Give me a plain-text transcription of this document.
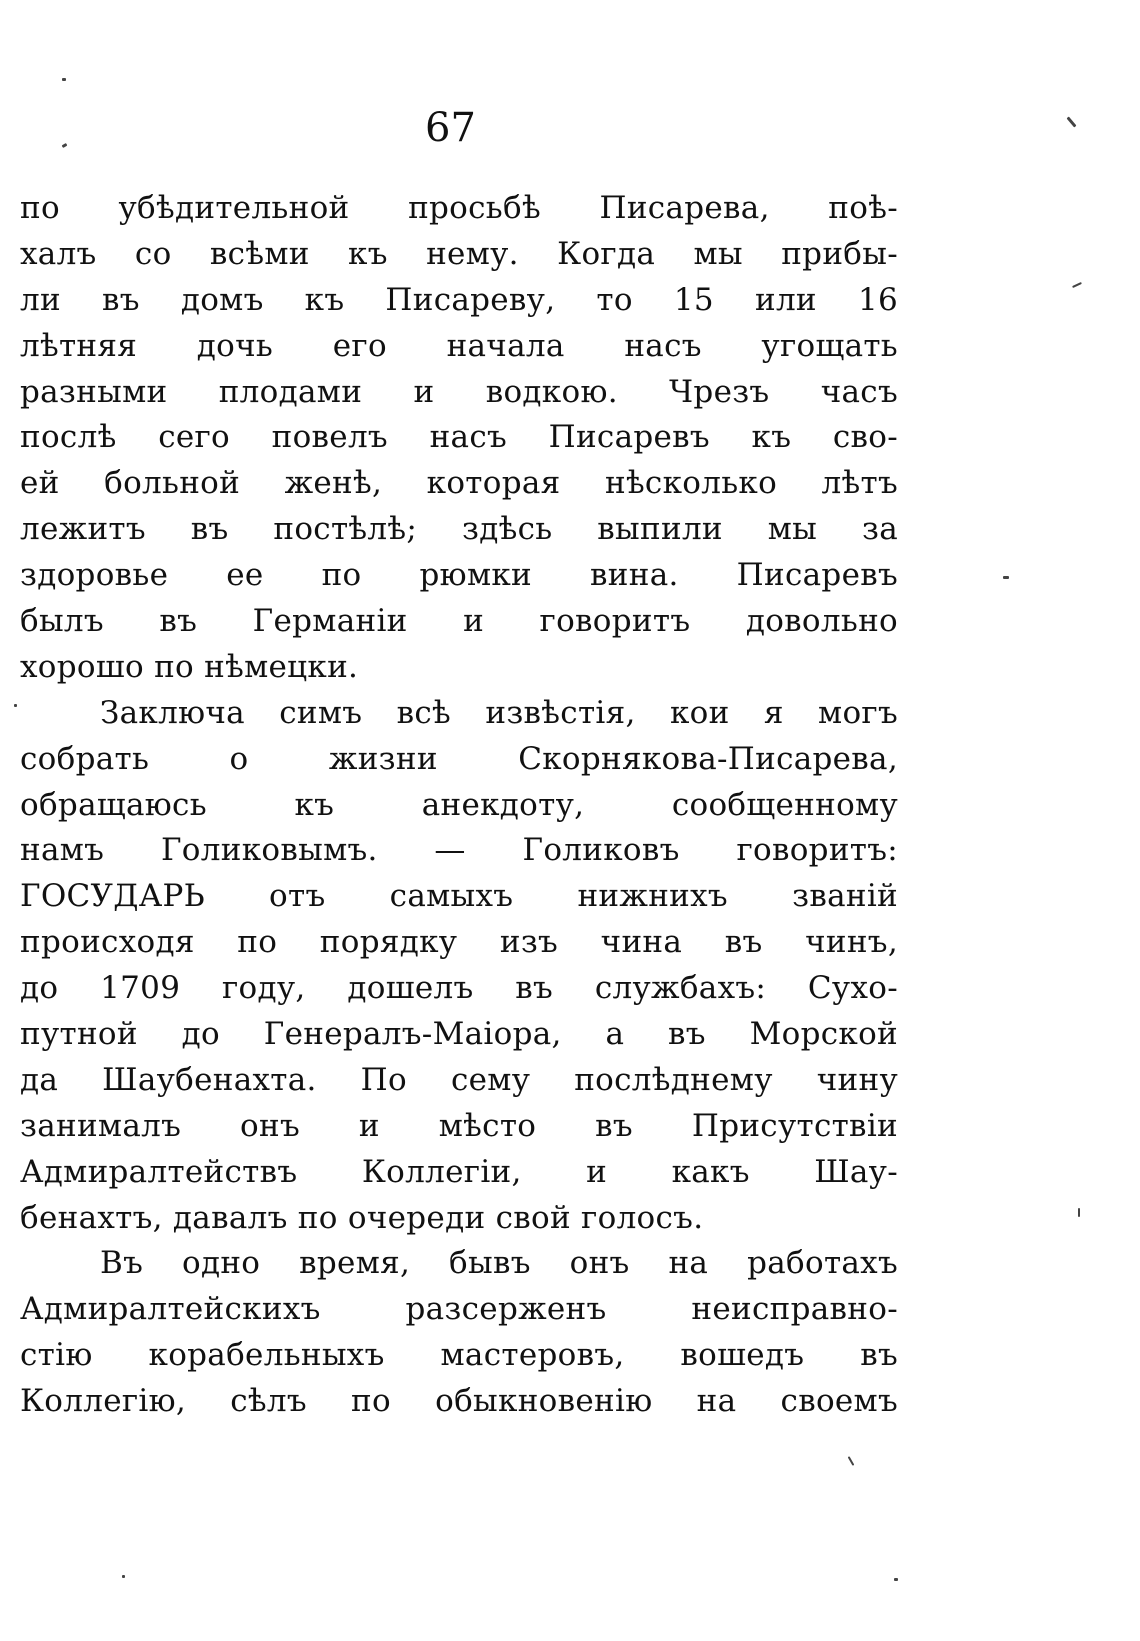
67
по убѣдительной просьбѣ Писарева, поѣ-
халъ со всѣми къ нему. Когда мы прибы-
ли въ домъ къ Писареву, то 15 или 16
лѣтняя дочь его начала насъ угощать
разными плодами и водкою. Чрезъ часъ
послѣ сего повелъ насъ Писаревъ къ сво-
ей больной женѣ, которая нѣсколько лѣтъ
лежитъ въ постѣлѣ; здѣсь выпили мы за
здоровье ее по рюмки вина. Писаревъ
былъ въ Германіи и говоритъ довольно
хорошо по нѣмецки.
Заключа симъ всѣ извѣстія, кои я могъ
собрать о жизни Скорнякова-Писарева,
обращаюсь къ анекдоту, сообщенному
намъ Голиковымъ. — Голиковъ говоритъ:
ГОСУДАРЬ отъ самыхъ нижнихъ званій
происходя по порядку изъ чина въ чинъ,
до 1709 году, дошелъ въ службахъ: Сухо-
путной до Генералъ-Маіора, а въ Морской
да Шаубенахта. По сему послѣднему чину
занималъ онъ и мѣсто въ Присутствіи
Адмиралтействъ Коллегіи, и какъ Шау-
бенахтъ, давалъ по очереди свой голосъ.
Въ одно время, бывъ онъ на работахъ
Адмиралтейскихъ разсерженъ неисправно-
стію корабельныхъ мастеровъ, вошедъ въ
Коллегію, сѣлъ по обыкновенію на своемъ
